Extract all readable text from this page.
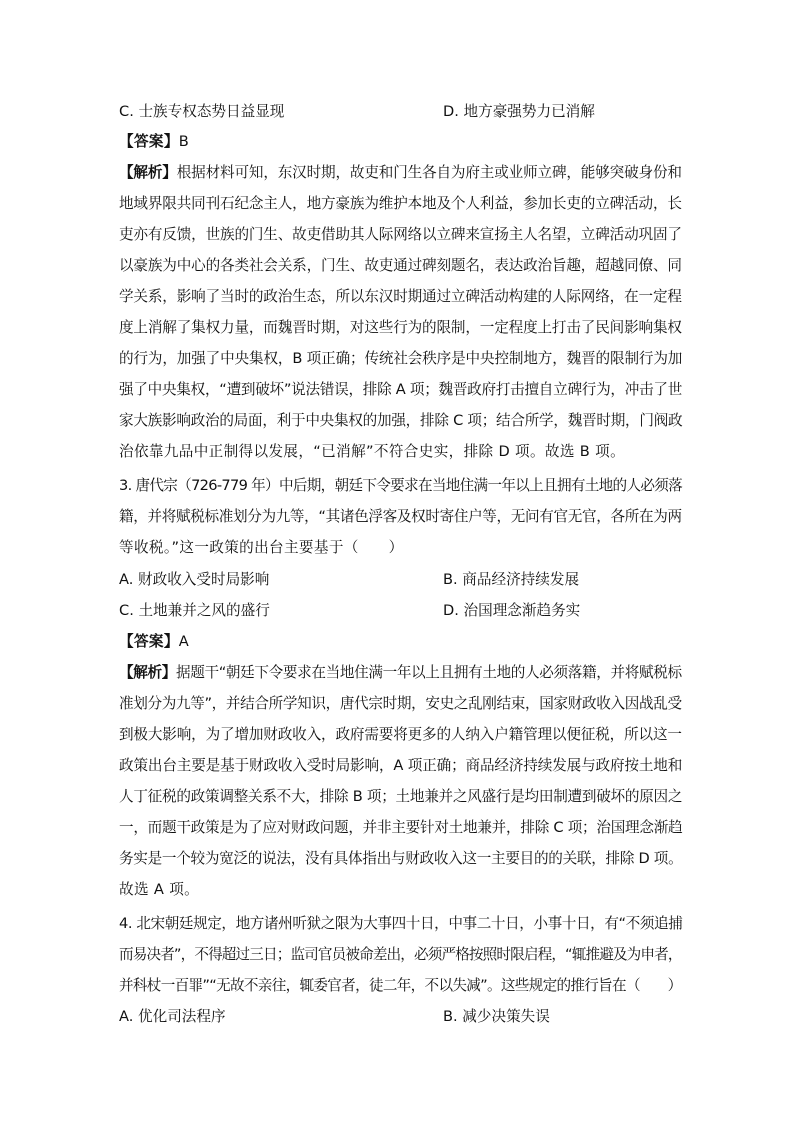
C. 士族专权态势日益显现	D. 地方豪强势力已消解
【答案】B
【解析】根据材料可知，东汉时期，故吏和门生各自为府主或业师立碑，能够突破身份和
地域界限共同刊石纪念主人，地方豪族为维护本地及个人利益，参加长吏的立碑活动，长
吏亦有反馈，世族的门生、故吏借助其人际网络以立碑来宣扬主人名望，立碑活动巩固了
以豪族为中心的各类社会关系，门生、故吏通过碑刻题名，表达政治旨趣，超越同僚、同
学关系，影响了当时的政治生态，所以东汉时期通过立碑活动构建的人际网络，在一定程
度上消解了集权力量，而魏晋时期，对这些行为的限制，一定程度上打击了民间影响集权
的行为，加强了中央集权，B 项正确；传统社会秩序是中央控制地方，魏晋的限制行为加
强了中央集权，“遭到破坏”说法错误，排除 A 项；魏晋政府打击擅自立碑行为，冲击了世
家大族影响政治的局面，利于中央集权的加强，排除 C 项；结合所学，魏晋时期，门阀政
治依靠九品中正制得以发展，“已消解”不符合史实，排除 D 项。故选 B 项。
3. 唐代宗（726-779 年）中后期，朝廷下令要求在当地住满一年以上且拥有土地的人必须落
籍，并将赋税标准划分为九等，“其诸色浮客及权时寄住户等，无问有官无官，各所在为两
等收税。”这一政策的出台主要基于（　　）
A. 财政收入受时局影响	B. 商品经济持续发展
C. 土地兼并之风的盛行	D. 治国理念渐趋务实
【答案】A
【解析】据题干“朝廷下令要求在当地住满一年以上且拥有土地的人必须落籍，并将赋税标
准划分为九等”，并结合所学知识，唐代宗时期，安史之乱刚结束，国家财政收入因战乱受
到极大影响，为了增加财政收入，政府需要将更多的人纳入户籍管理以便征税，所以这一
政策出台主要是基于财政收入受时局影响，A 项正确；商品经济持续发展与政府按土地和
人丁征税的政策调整关系不大，排除 B 项；土地兼并之风盛行是均田制遭到破坏的原因之
一，而题干政策是为了应对财政问题，并非主要针对土地兼并，排除 C 项；治国理念渐趋
务实是一个较为宽泛的说法，没有具体指出与财政收入这一主要目的的关联，排除 D 项。
故选 A 项。
4. 北宋朝廷规定，地方诸州听狱之限为大事四十日，中事二十日，小事十日，有“不须追捕
而易决者”，不得超过三日；监司官员被命差出，必须严格按照时限启程，“辄推避及为申者，
并科杖一百罪”“无故不亲往，辄委官者，徒二年，不以失减”。这些规定的推行旨在（　　）
A. 优化司法程序	B. 减少决策失误
